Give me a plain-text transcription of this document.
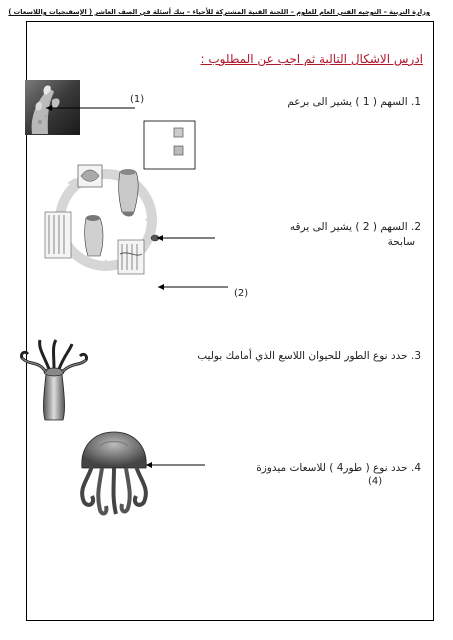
وزارة التربية – التوجيه الفني العام للعلوم – اللجنة الفنية المشتركة للأحياء – بنك أسئلة في الصف العاشر ( الإسفنجيات واللاسعات )
ادرس الاشكال التالية ثم اجب عن المطلوب :
1. السهم ( 1 ) يشير الى برعم
(1)
2. السهم ( 2 ) يشير الى يرقه
سابحة
(2)
3. حدد نوع الطور للحيوان اللاسع الذي أمامك بوليب
4. حدد نوع ( طور4 ) للاسعات ميدوزة
(4)
